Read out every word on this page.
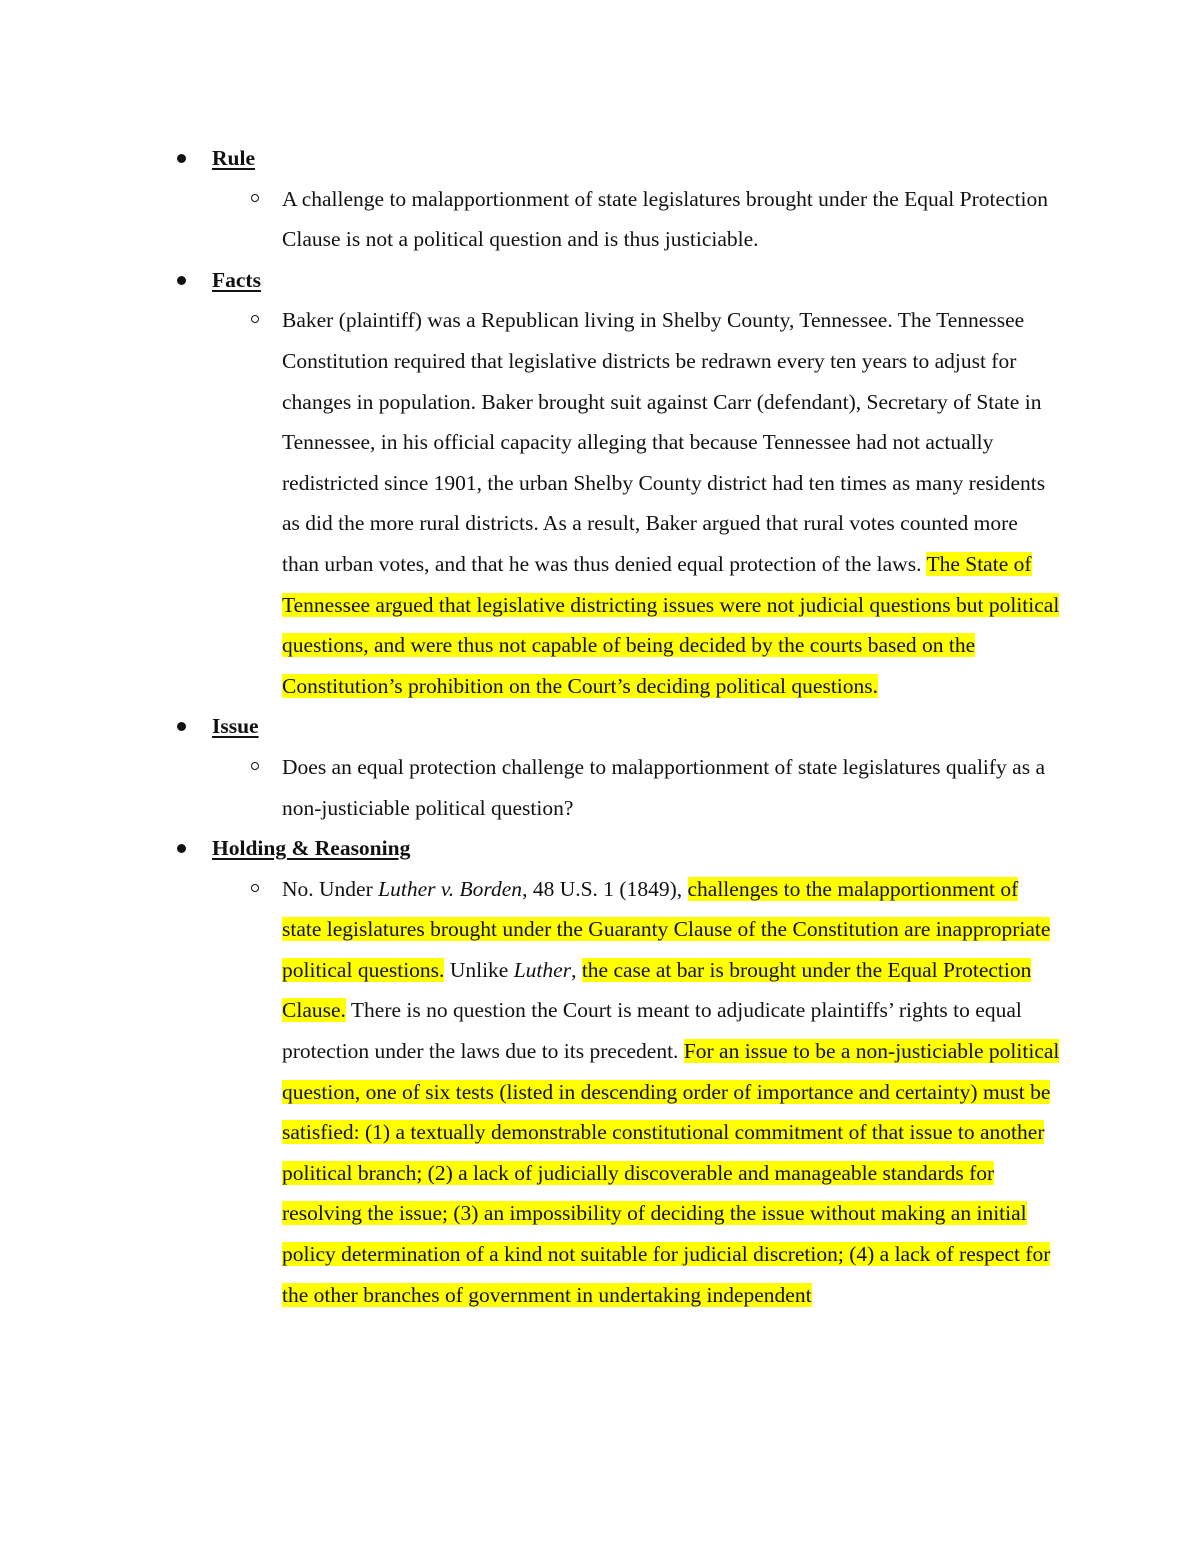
Rule
A challenge to malapportionment of state legislatures brought under the Equal Protection Clause is not a political question and is thus justiciable.
Facts
Baker (plaintiff) was a Republican living in Shelby County, Tennessee. The Tennessee Constitution required that legislative districts be redrawn every ten years to adjust for changes in population. Baker brought suit against Carr (defendant), Secretary of State in Tennessee, in his official capacity alleging that because Tennessee had not actually redistricted since 1901, the urban Shelby County district had ten times as many residents as did the more rural districts. As a result, Baker argued that rural votes counted more than urban votes, and that he was thus denied equal protection of the laws. The State of Tennessee argued that legislative districting issues were not judicial questions but political questions, and were thus not capable of being decided by the courts based on the Constitution’s prohibition on the Court’s deciding political questions.
Issue
Does an equal protection challenge to malapportionment of state legislatures qualify as a non-justiciable political question?
Holding & Reasoning
No. Under Luther v. Borden, 48 U.S. 1 (1849), challenges to the malapportionment of state legislatures brought under the Guaranty Clause of the Constitution are inappropriate political questions. Unlike Luther, the case at bar is brought under the Equal Protection Clause. There is no question the Court is meant to adjudicate plaintiffs’ rights to equal protection under the laws due to its precedent. For an issue to be a non-justiciable political question, one of six tests (listed in descending order of importance and certainty) must be satisfied: (1) a textually demonstrable constitutional commitment of that issue to another political branch; (2) a lack of judicially discoverable and manageable standards for resolving the issue; (3) an impossibility of deciding the issue without making an initial policy determination of a kind not suitable for judicial discretion; (4) a lack of respect for the other branches of government in undertaking independent
